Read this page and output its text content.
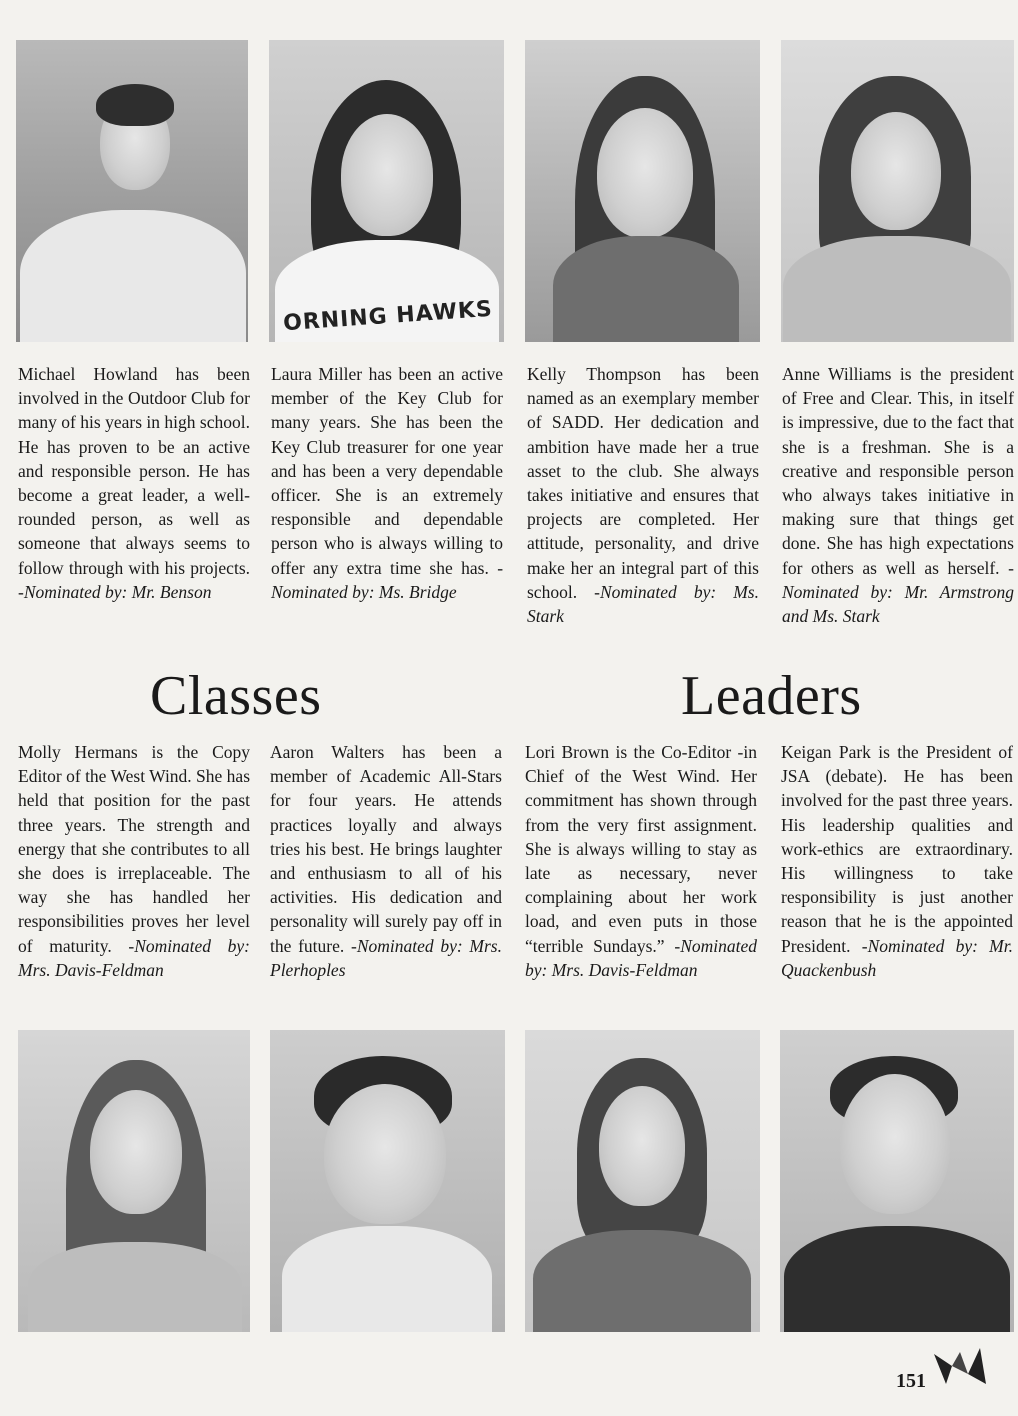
ORNING HAWKS
Michael Howland has been involved in the Outdoor Club for many of his years in high school. He has proven to be an active and responsible person. He has become a great leader, a well-rounded person, as well as someone that always seems to follow through with his projects. -Nominated by: Mr. Benson
Laura Miller has been an active member of the Key Club for many years. She has been the Key Club treasurer for one year and has been a very dependable officer. She is an extremely responsible and dependable person who is always willing to offer any extra time she has. -Nominated by: Ms. Bridge
Kelly Thompson has been named as an exemplary member of SADD. Her dedication and ambition have made her a true asset to the club. She always takes initiative and ensures that projects are completed. Her attitude, personality, and drive make her an integral part of this school. -Nominated by: Ms. Stark
Anne Williams is the president of Free and Clear. This, in itself is impressive, due to the fact that she is a freshman. She is a creative and responsible person who always takes initiative in making sure that things get done. She has high expectations for others as well as herself. -Nominated by: Mr. Armstrong and Ms. Stark
Classes	Leaders
Molly Hermans is the Copy Editor of the West Wind. She has held that position for the past three years. The strength and energy that she contributes to all she does is irreplaceable. The way she has handled her responsibilities proves her level of maturity. -Nominated by: Mrs. Davis-Feldman
Aaron Walters has been a member of Academic All-Stars for four years. He attends practices loyally and always tries his best. He brings laughter and enthusiasm to all of his activities. His dedication and personality will surely pay off in the future. -Nominated by: Mrs. Plerhoples
Lori Brown is the Co-Editor -in Chief of the West Wind. Her commitment has shown through from the very first assignment. She is always willing to stay as late as necessary, never complaining about her work load, and even puts in those “terrible Sundays.” -Nominated by: Mrs. Davis-Feldman
Keigan Park is the President of JSA (debate). He has been involved for the past three years. His leadership qualities and work-ethics are extraordinary. His willingness to take responsibility is just another reason that he is the appointed President. -Nominated by: Mr. Quackenbush
151
